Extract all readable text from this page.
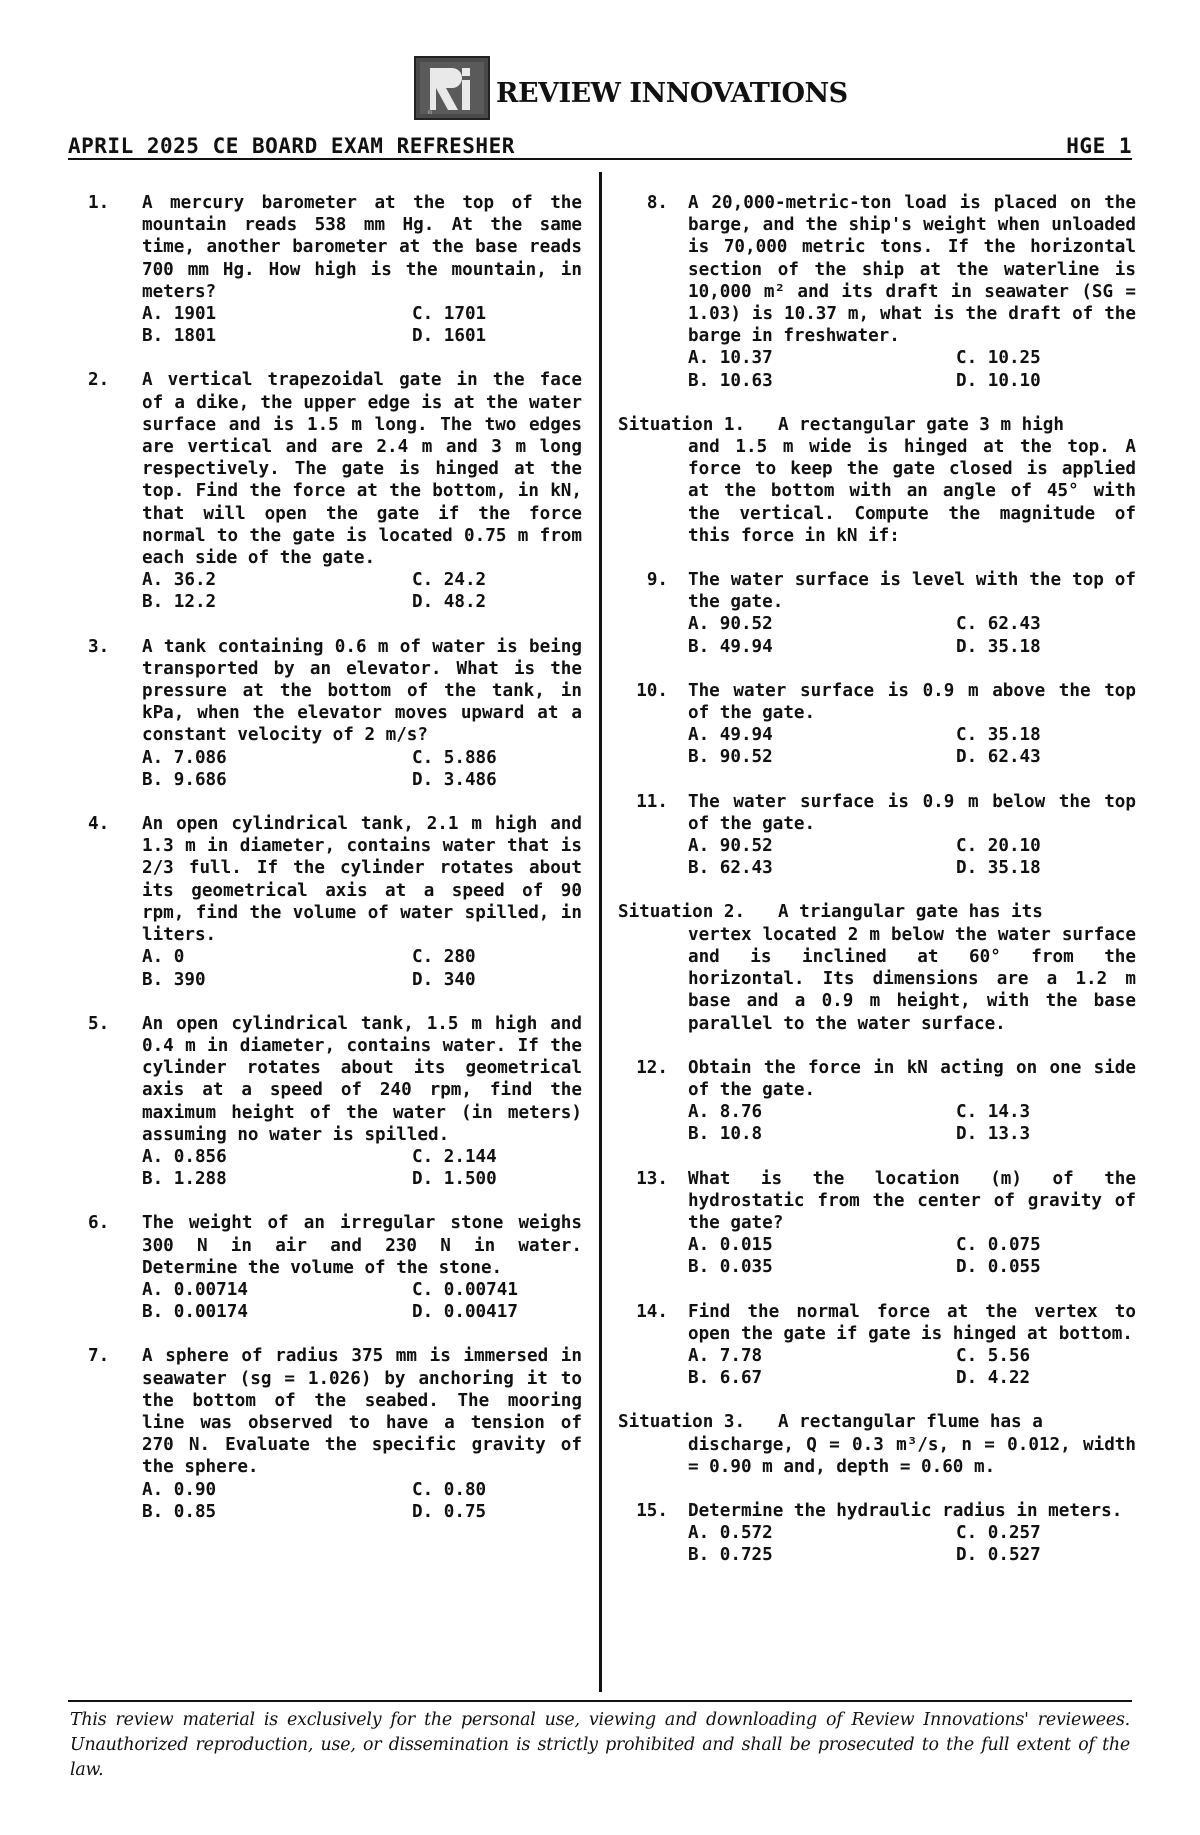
RI
REVIEW INNOVATIONS
APRIL 2025 CE BOARD EXAM REFRESHER	HGE 1
1.	A mercury barometer at the top of the mountain reads 538 mm Hg. At the same time, another barometer at the base reads 700 mm Hg. How high is the mountain, in meters?
A. 1901	C. 1701
B. 1801	D. 1601
2.	A vertical trapezoidal gate in the face of a dike, the upper edge is at the water surface and is 1.5 m long. The two edges are vertical and are 2.4 m and 3 m long respectively. The gate is hinged at the top. Find the force at the bottom, in kN, that will open the gate if the force normal to the gate is located 0.75 m from each side of the gate.
A. 36.2	C. 24.2
B. 12.2	D. 48.2
3.	A tank containing 0.6 m of water is being transported by an elevator. What is the pressure at the bottom of the tank, in kPa, when the elevator moves upward at a constant velocity of 2 m/s?
A. 7.086	C. 5.886
B. 9.686	D. 3.486
4.	An open cylindrical tank, 2.1 m high and 1.3 m in diameter, contains water that is 2/3 full. If the cylinder rotates about its geometrical axis at a speed of 90 rpm, find the volume of water spilled, in liters.
A. 0	C. 280
B. 390	D. 340
5.	An open cylindrical tank, 1.5 m high and 0.4 m in diameter, contains water. If the cylinder rotates about its geometrical axis at a speed of 240 rpm, find the maximum height of the water (in meters) assuming no water is spilled.
A. 0.856	C. 2.144
B. 1.288	D. 1.500
6.	The weight of an irregular stone weighs 300 N in air and 230 N in water. Determine the volume of the stone.
A. 0.00714	C. 0.00741
B. 0.00174	D. 0.00417
7.	A sphere of radius 375 mm is immersed in seawater (sg = 1.026) by anchoring it to the bottom of the seabed. The mooring line was observed to have a tension of 270 N. Evaluate the specific gravity of the sphere.
A. 0.90	C. 0.80
B. 0.85	D. 0.75
8.	A 20,000-metric-ton load is placed on the barge, and the ship's weight when unloaded is 70,000 metric tons. If the horizontal section of the ship at the waterline is 10,000 m² and its draft in seawater (SG = 1.03) is 10.37 m, what is the draft of the barge in freshwater.
A. 10.37	C. 10.25
B. 10.63	D. 10.10
Situation 1.	A rectangular gate 3 m high
and 1.5 m wide is hinged at the top. A force to keep the gate closed is applied at the bottom with an angle of 45° with the vertical. Compute the magnitude of this force in kN if:
9.	The water surface is level with the top of the gate.
A. 90.52	C. 62.43
B. 49.94	D. 35.18
10.	The water surface is 0.9 m above the top of the gate.
A. 49.94	C. 35.18
B. 90.52	D. 62.43
11.	The water surface is 0.9 m below the top of the gate.
A. 90.52	C. 20.10
B. 62.43	D. 35.18
Situation 2.	A triangular gate has its
vertex located 2 m below the water surface and is inclined at 60° from the horizontal. Its dimensions are a 1.2 m base and a 0.9 m height, with the base parallel to the water surface.
12.	Obtain the force in kN acting on one side of the gate.
A. 8.76	C. 14.3
B. 10.8	D. 13.3
13.	What is the location (m) of the hydrostatic from the center of gravity of the gate?
A. 0.015	C. 0.075
B. 0.035	D. 0.055
14.	Find the normal force at the vertex to open the gate if gate is hinged at bottom.
A. 7.78	C. 5.56
B. 6.67	D. 4.22
Situation 3.	A rectangular flume has a
discharge, Q = 0.3 m³/s, n = 0.012, width = 0.90 m and, depth = 0.60 m.
15.	Determine the hydraulic radius in meters.
A. 0.572	C. 0.257
B. 0.725	D. 0.527
This review material is exclusively for the personal use, viewing and downloading of Review Innovations' reviewees. Unauthorized reproduction, use, or dissemination is strictly prohibited and shall be prosecuted to the full extent of the law.
